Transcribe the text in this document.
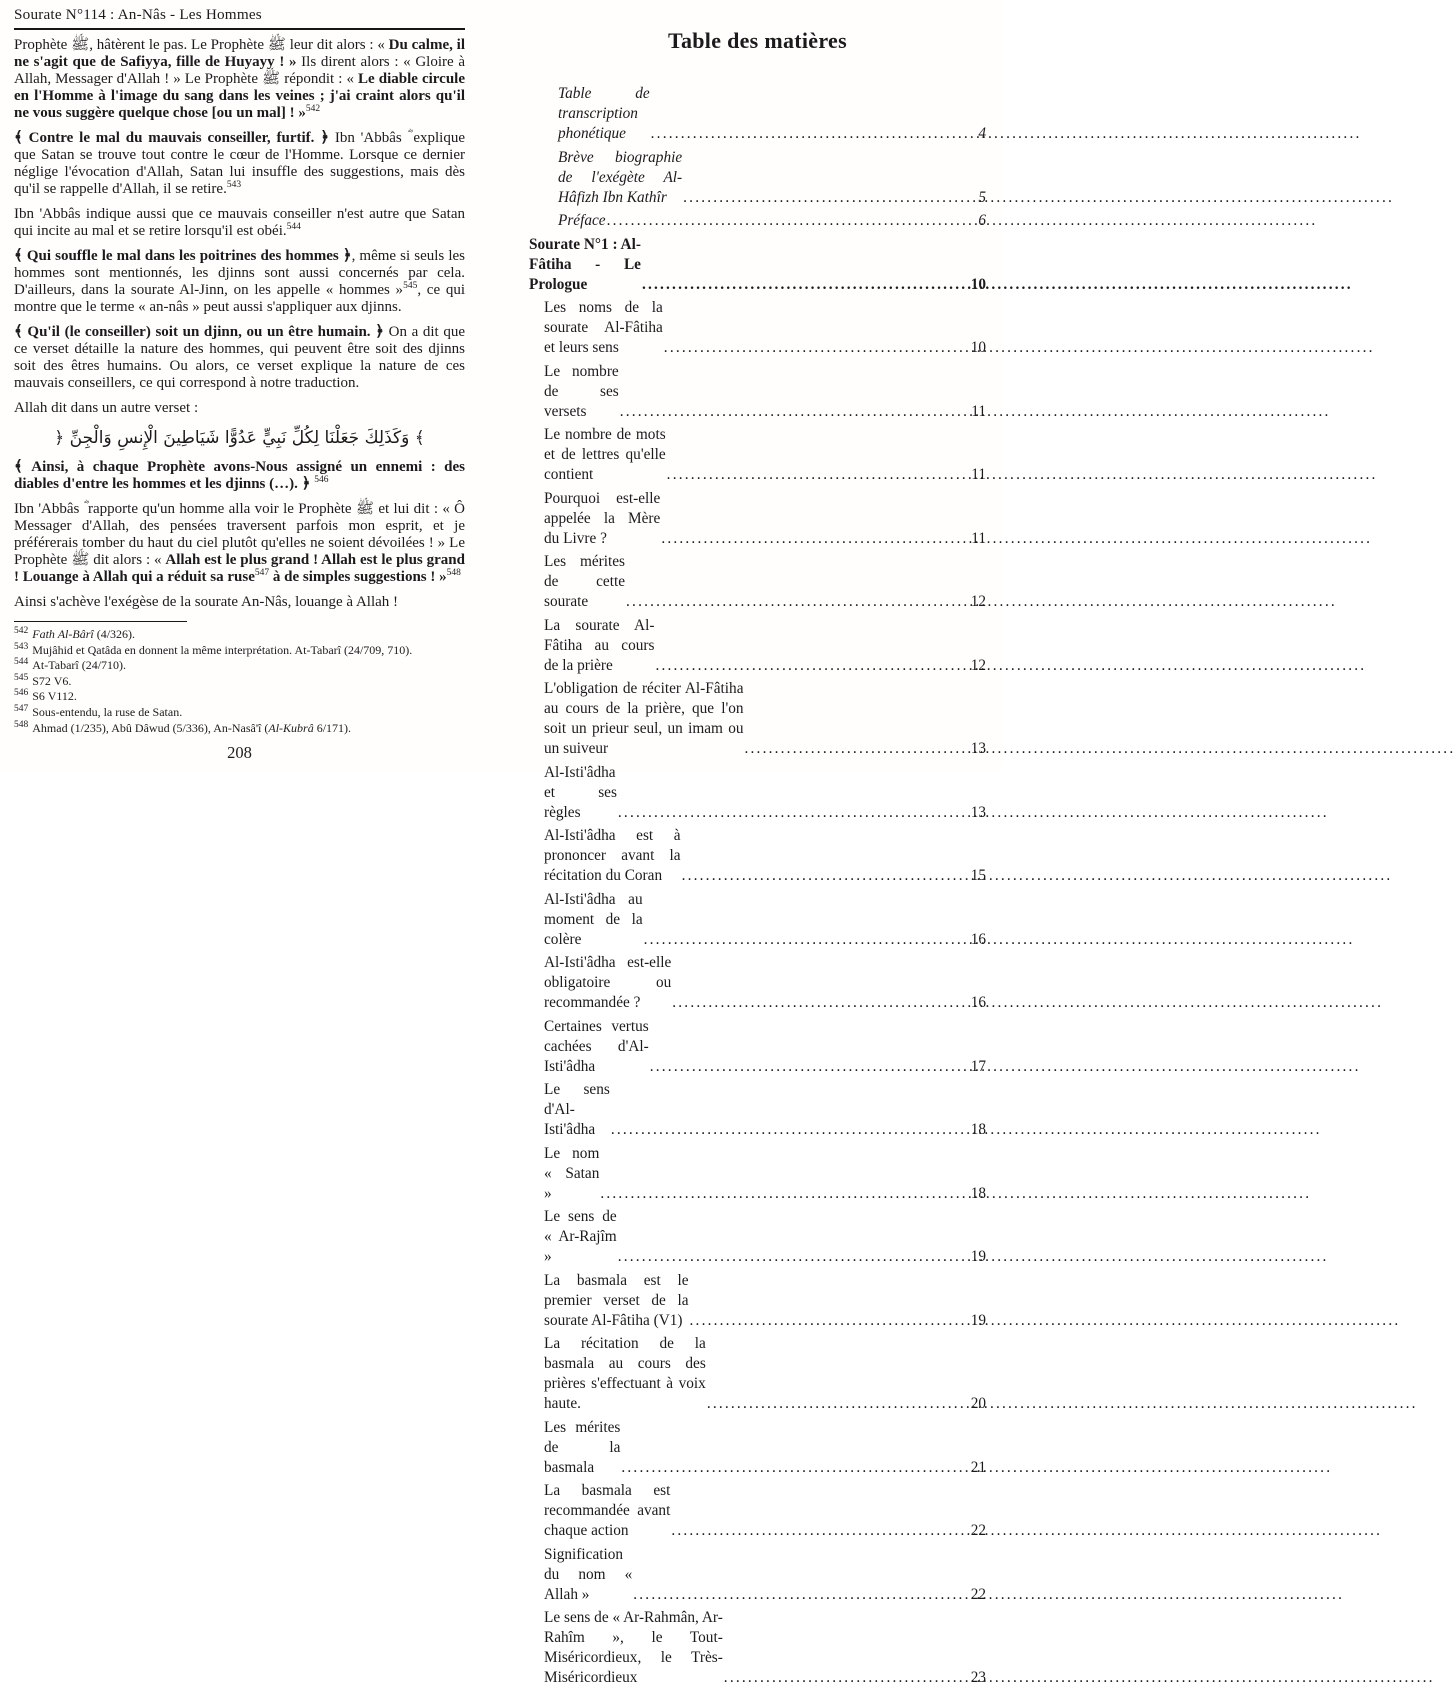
Sourate N°114 : An-Nâs - Les Hommes

Prophète ﷺ, hâtèrent le pas. Le Prophète ﷺ leur dit alors : « Du calme, il ne s'agit que de Safiyya, fille de Huyayy ! » Ils dirent alors : « Gloire à Allah, Messager d'Allah ! » Le Prophète ﷺ répondit : « Le diable circule en l'Homme à l'image du sang dans les veines ; j'ai craint alors qu'il ne vous suggère quelque chose [ou un mal] ! »$^{542}$

﴾ Contre le mal du mauvais conseiller, furtif. ﴿ Ibn 'Abbâs ؓ explique que Satan se trouve tout contre le cœur de l'Homme. Lorsque ce dernier néglige l'évocation d'Allah, Satan lui insuffle des suggestions, mais dès qu'il se rappelle d'Allah, il se retire.$^{543}$

Ibn 'Abbâs indique aussi que ce mauvais conseiller n'est autre que Satan qui incite au mal et se retire lorsqu'il est obéi.$^{544}$

﴾ Qui souffle le mal dans les poitrines des hommes ﴿, même si seuls les hommes sont mentionnés, les djinns sont aussi concernés par cela. D'ailleurs, dans la sourate Al-Jinn, on les appelle « hommes »$^{545}$, ce qui montre que le terme « an-nâs » peut aussi s'appliquer aux djinns.

﴾ Qu'il (le conseiller) soit un djinn, ou un être humain. ﴿ On a dit que ce verset détaille la nature des hommes, qui peuvent être soit des djinns soit des êtres humains. Ou alors, ce verset explique la nature de ces mauvais conseillers, ce qui correspond à notre traduction.

Allah dit dans un autre verset :

﴾ وَكَذَلِكَ جَعَلْنَا لِكُلِّ نَبِيٍّ عَدُوًّا شَيَاطِينَ الْإِنسِ وَالْجِنِّ ﴿

﴾ Ainsi, à chaque Prophète avons-Nous assigné un ennemi : des diables d'entre les hommes et les djinns (…). ﴿ $^{546}$

Ibn 'Abbâs ؓ rapporte qu'un homme alla voir le Prophète ﷺ et lui dit : « Ô Messager d'Allah, des pensées traversent parfois mon esprit, et je préférerais tomber du haut du ciel plutôt qu'elles ne soient dévoilées ! » Le Prophète ﷺ dit alors : « Allah est le plus grand ! Allah est le plus grand ! Louange à Allah qui a réduit sa ruse$^{547}$ à de simples suggestions ! »$^{548}$

Ainsi s'achève l'exégèse de la sourate An-Nâs, louange à Allah !

$^{542}$ Fath Al-Bârî (4/326).
$^{543}$ Mujâhid et Qatâda en donnent la même interprétation. At-Tabarî (24/709, 710).
$^{544}$ At-Tabarî (24/710).
$^{545}$ S72 V6.
$^{546}$ S6 V112.
$^{547}$ Sous-entendu, la ruse de Satan.
$^{548}$ Ahmad (1/235), Abû Dâwud (5/336), An-Nasâ'î (Al-Kubrâ 6/171).
208
Table des matières
Table de transcription phonétique .....	4
Brève biographie de l'exégète Al-Hâfizh Ibn Kathîr .....	5
Préface .....	6
Sourate N°1 : Al-Fâtiha - Le Prologue .....	10
Les noms de la sourate Al-Fâtiha et leurs sens .....	10
Le nombre de ses versets .....	11
Le nombre de mots et de lettres qu'elle contient .....	11
Pourquoi est-elle appelée la Mère du Livre ? .....	11
Les mérites de cette sourate .....	12
La sourate Al-Fâtiha au cours de la prière .....	12
L'obligation de réciter Al-Fâtiha au cours de la prière, que l'on soit un prieur seul, un imam ou un suiveur .....	13
Al-Isti'âdha et ses règles .....	13
Al-Isti'âdha est à prononcer avant la récitation du Coran .....	15
Al-Isti'âdha au moment de la colère .....	16
Al-Isti'âdha est-elle obligatoire ou recommandée ? .....	16
Certaines vertus cachées d'Al-Isti'âdha .....	17
Le sens d'Al-Isti'âdha .....	18
Le nom « Satan » .....	18
Le sens de « Ar-Rajîm » .....	19
La basmala est le premier verset de la sourate Al-Fâtiha (V1) .....	19
La récitation de la basmala au cours des prières s'effectuant à voix haute. .....	20
Les mérites de la basmala .....	21
La basmala est recommandée avant chaque action .....	22
Signification du nom « Allah » .....	22
Le sens de « Ar-Rahmân, Ar-Rahîm », le Tout-Miséricordieux, le Très-Miséricordieux .....	23
